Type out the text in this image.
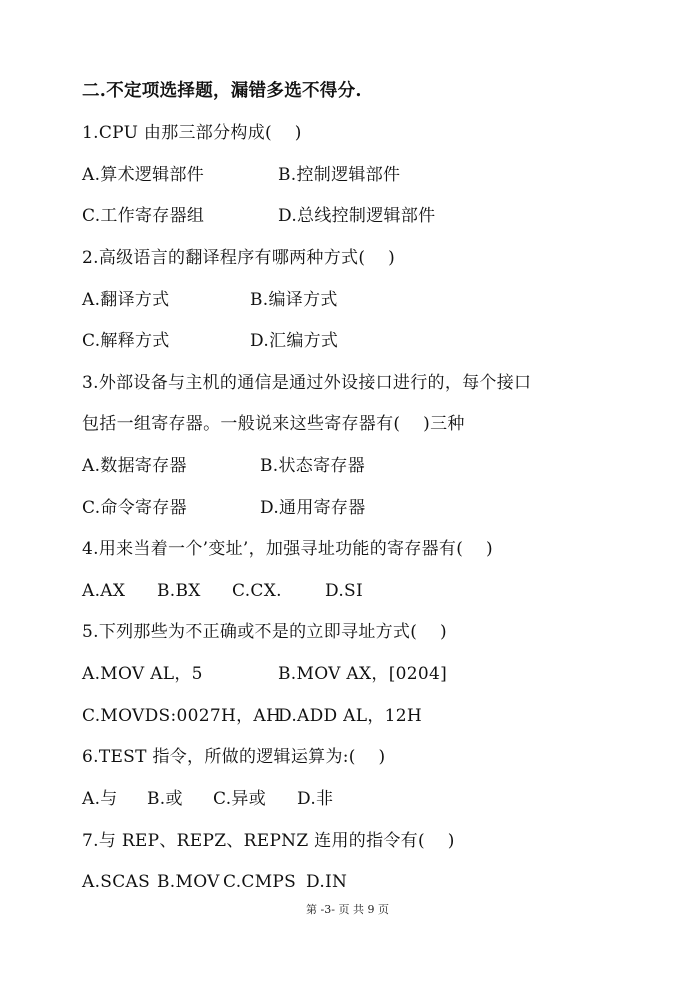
二.不定项选择题，漏错多选不得分.
1.CPU 由那三部分构成(    )
A.算术逻辑部件	B.控制逻辑部件
C.工作寄存器组	D.总线控制逻辑部件
2.高级语言的翻译程序有哪两种方式(    )
A.翻译方式	B.编译方式
C.解释方式	D.汇编方式
3.外部设备与主机的通信是通过外设接口进行的，每个接口
包括一组寄存器。一般说来这些寄存器有(    )三种
A.数据寄存器	B.状态寄存器
C.命令寄存器	D.通用寄存器
4.用来当着一个’变址’，加强寻址功能的寄存器有(    )
A.AX B.BX C.CX.	D.SI
5.下列那些为不正确或不是的立即寻址方式(    )
A.MOV AL，5	B.MOV AX，[0204]
C.MOVDS:0027H，AH
D.ADD AL，12H
6.TEST 指令，所做的逻辑运算为:(    )
A.与 B.或 C.异或 D.非
7.与 REP、REPZ、REPNZ 连用的指令有(    )
A.SCAS B.MOV C.CMPS D.IN
第 -3- 页 共 9 页
